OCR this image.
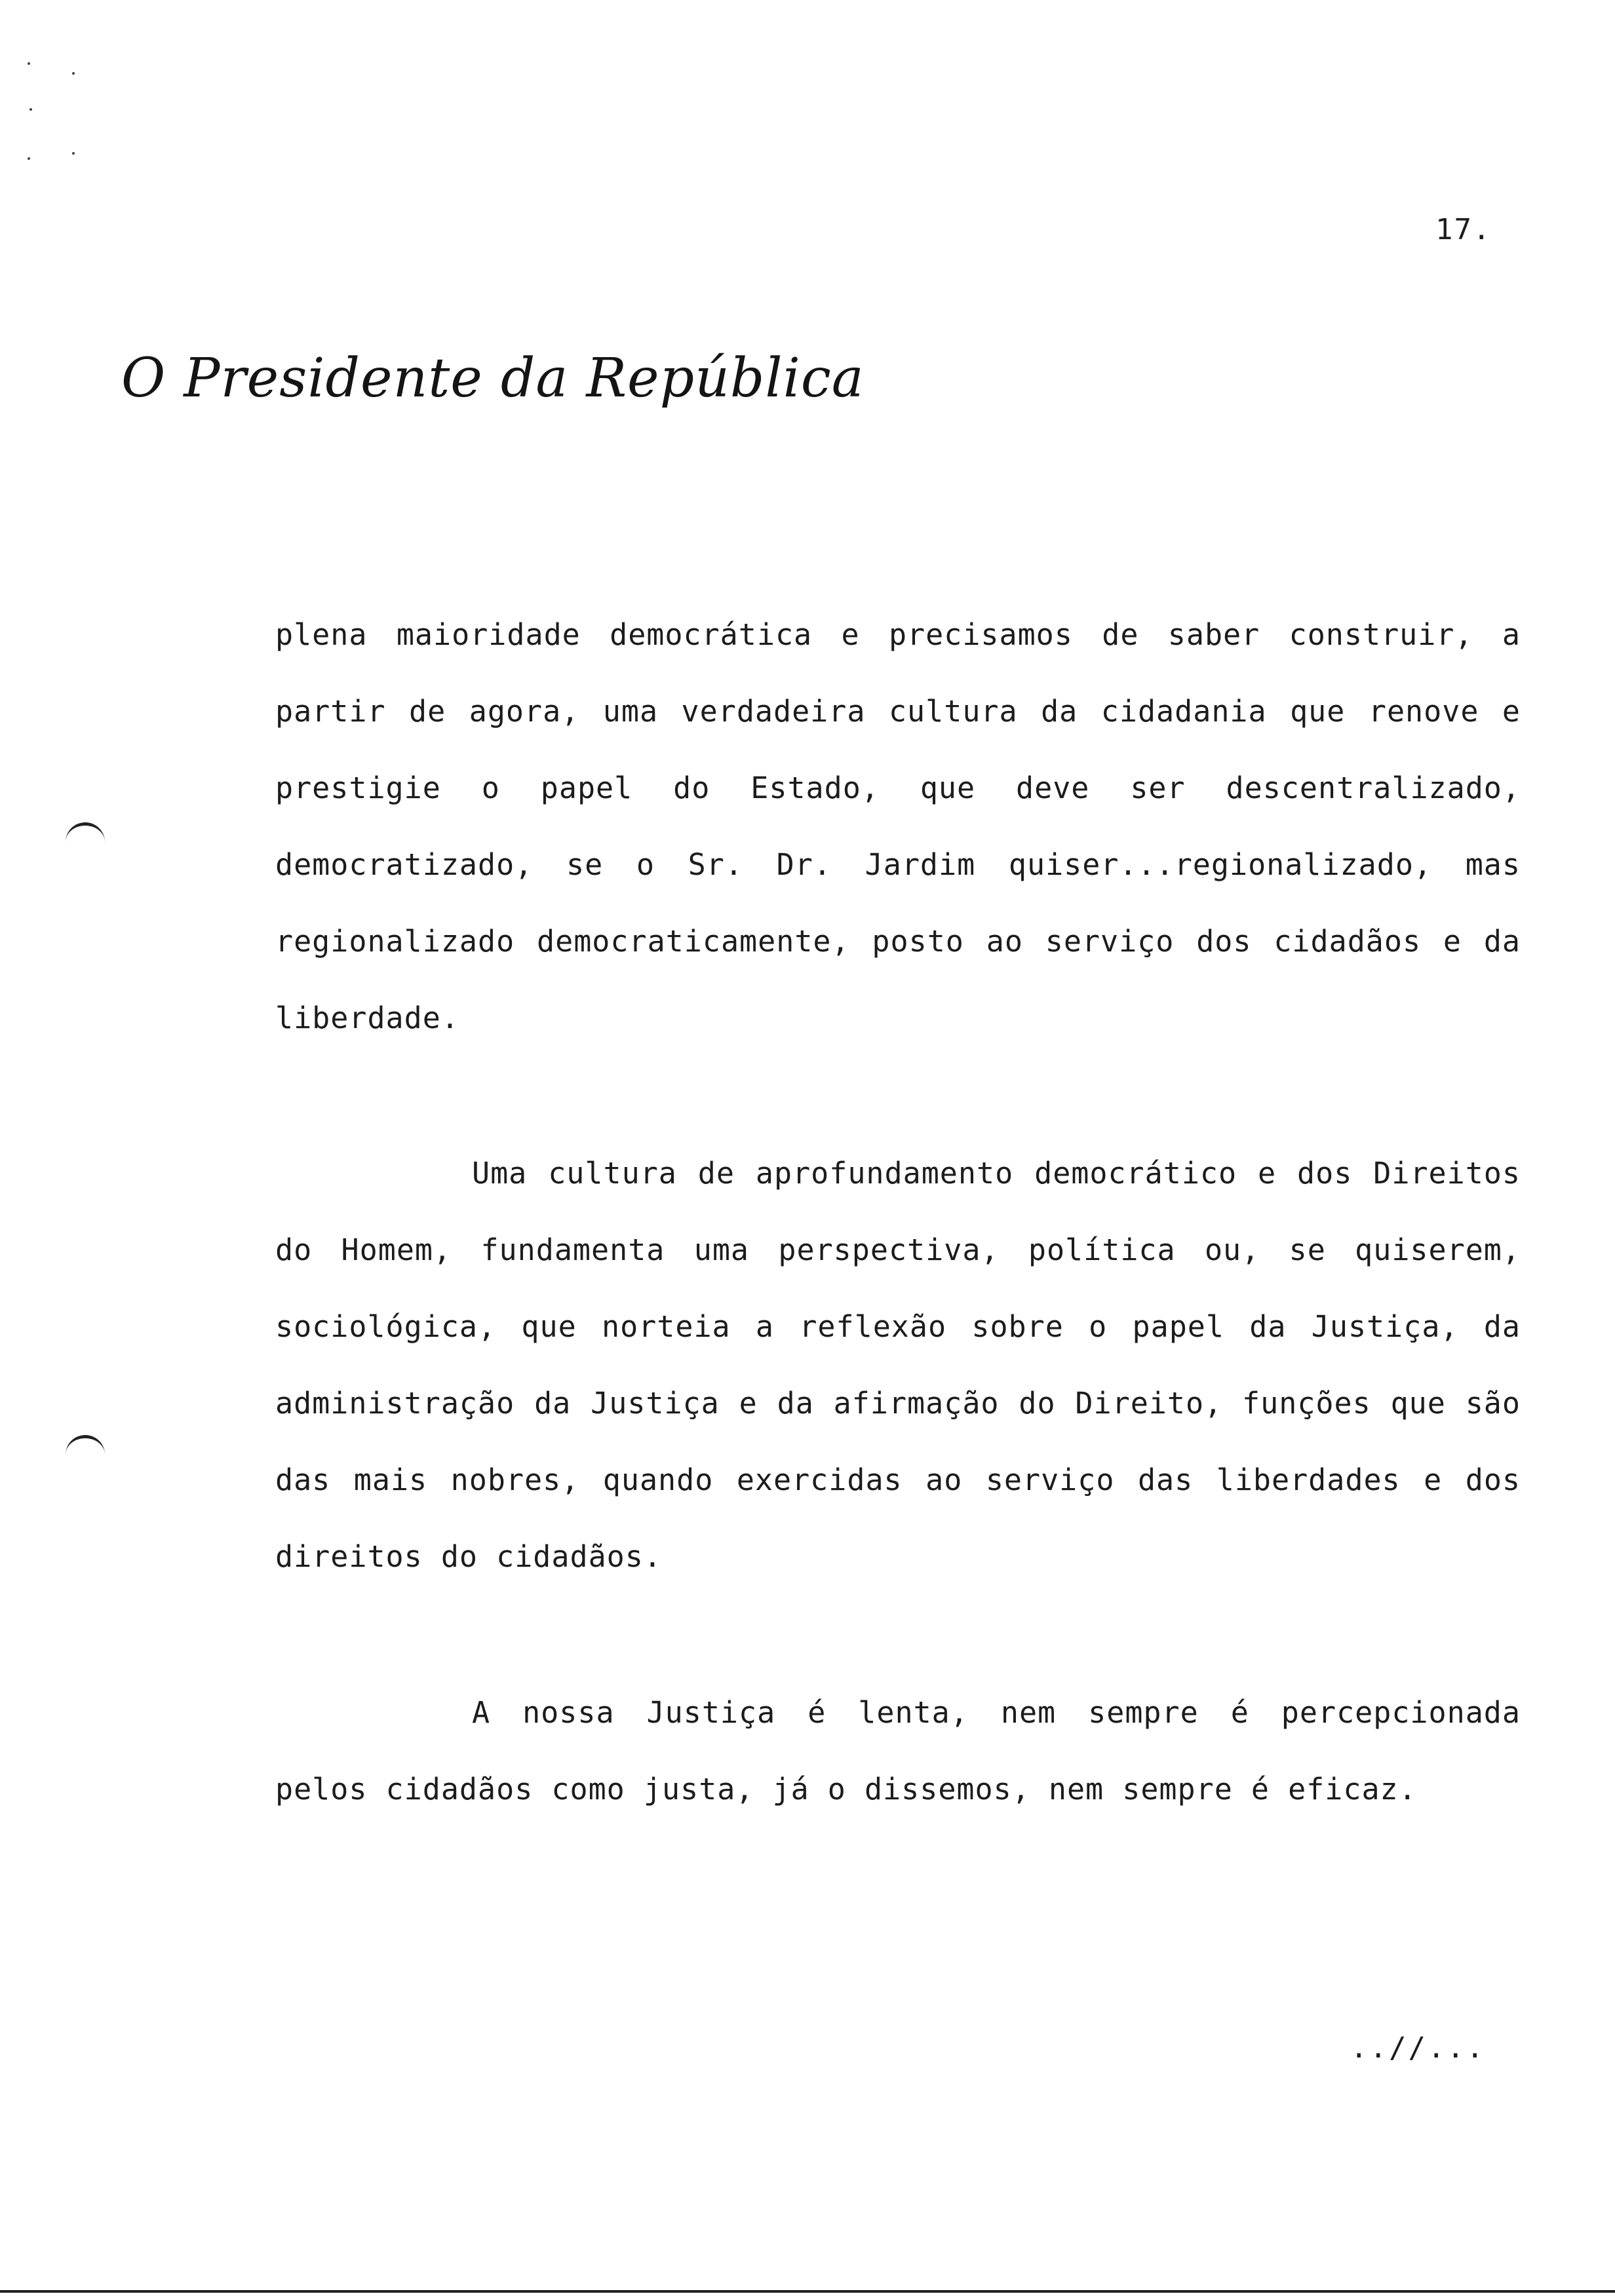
17.
O Presidente da República

plena maioridade democrática e precisamos de saber construir, a partir de agora, uma verdadeira cultura da cidadania que renove e prestigie o papel do Estado, que deve ser descentralizado, democratizado, se o Sr. Dr. Jardim quiser...regionalizado, mas regionalizado democraticamente, posto ao serviço dos cidadãos e da liberdade.

Uma cultura de aprofundamento democrático e dos Direitos do Homem, fundamenta uma perspectiva, política ou, se quiserem, sociológica, que norteia a reflexão sobre o papel da Justiça, da administração da Justiça e da afirmação do Direito, funções que são das mais nobres, quando exercidas ao serviço das liberdades e dos direitos do cidadãos.

A nossa Justiça é lenta, nem sempre é percepcionada pelos cidadãos como justa, já o dissemos, nem sempre é eficaz.

..//...
